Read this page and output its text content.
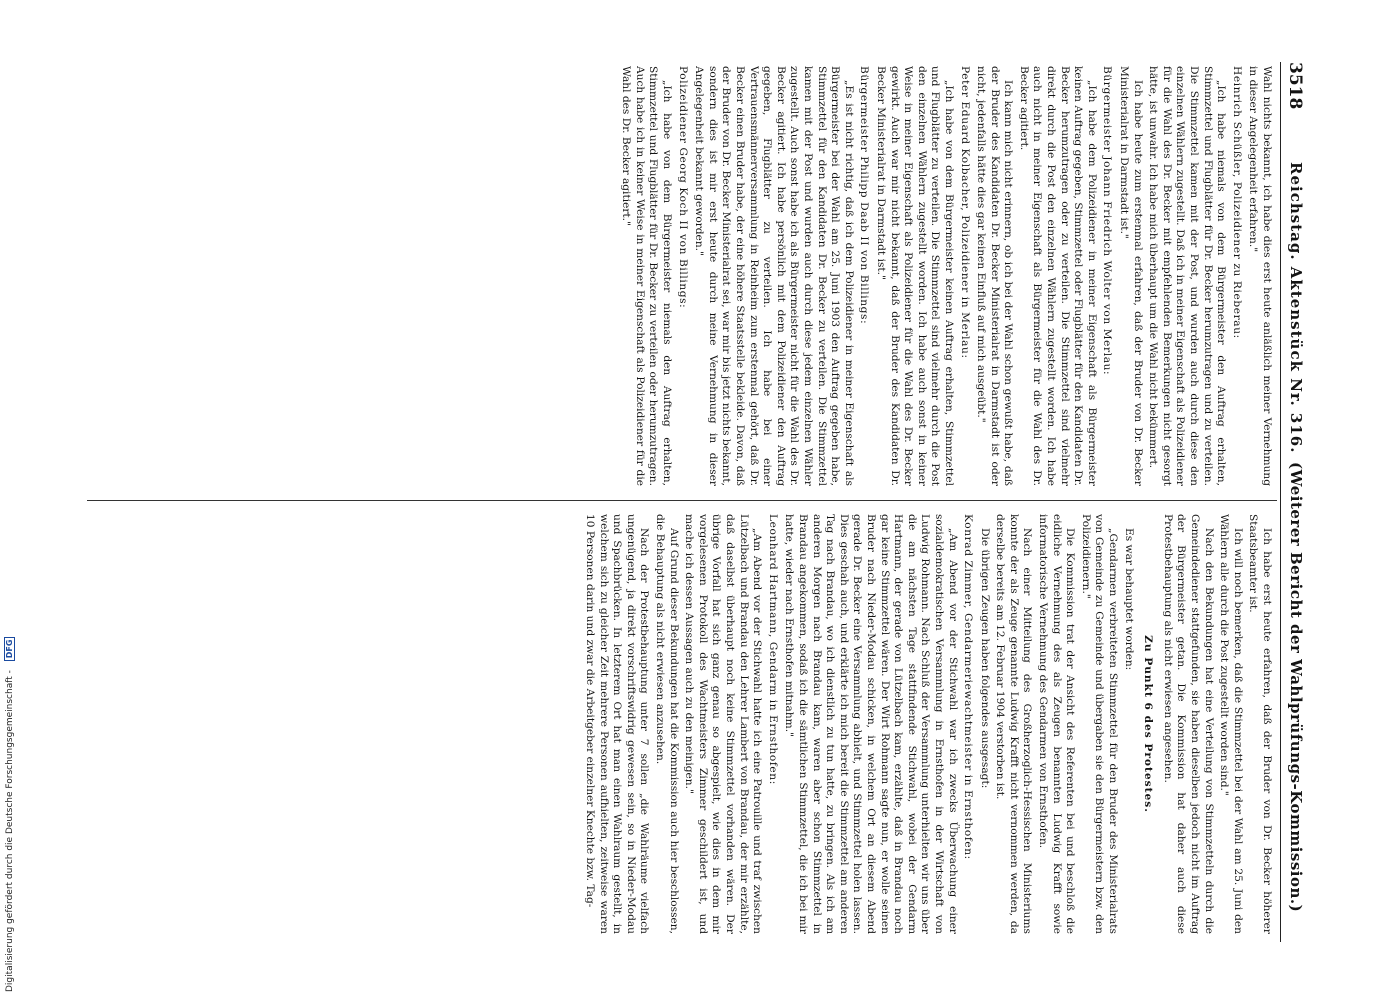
3518
Reichstag. Aktenstück Nr. 316.
(Weiterer Bericht der Wahlprüfungs-Kommission.)

Wahl nichts bekannt, ich habe dies erst heute anläßlich meiner Vernehmung in dieser Angelegenheit erfahren."

Heinrich Schüßler, Polizeidiener zu Rieberau:

„Ich habe niemals von dem Bürgermeister den Auftrag erhalten, Stimmzettel und Flugblätter für Dr. Becker herumzutragen und zu verteilen. Die Stimmzettel kamen mit der Post, und wurden auch durch diese den einzelnen Wählern zugestellt. Daß ich in meiner Eigenschaft als Polizeidiener für die Wahl des Dr. Becker mit empfehlenden Bemerkungen nicht gesorgt hätte, ist unwahr. Ich habe mich überhaupt um die Wahl nicht bekümmert.

Ich habe heute zum erstenmal erfahren, daß der Bruder von Dr. Becker Ministerialrat in Darmstadt ist."

Bürgermeister Johann Friedrich Wolter von Merlau:

„Ich habe dem Polizeidiener in meiner Eigenschaft als Bürgermeister keinen Auftrag gegeben, Stimmzettel oder Flugblätter für den Kandidaten Dr. Becker herumzutragen oder zu verteilen. Die Stimmzettel sind vielmehr direkt durch die Post den einzelnen Wählern zugestellt worden. Ich habe auch nicht in meiner Eigenschaft als Bürgermeister für die Wahl des Dr. Becker agitiert.

Ich kann mich nicht erinnern, ob ich bei der Wahl schon gewußt habe, daß der Bruder des Kandidaten Dr. Becker Ministerialrat in Darmstadt ist oder nicht, jedenfalls hätte dies gar keinen Einfluß auf mich ausgeübt."

Peter Eduard Kolbacher, Polizeidiener in Merlau:

„Ich habe von dem Bürgermeister keinen Auftrag erhalten, Stimmzettel und Flugblätter zu verteilen. Die Stimmzettel sind vielmehr durch die Post den einzelnen Wählern zugestellt worden. Ich habe auch sonst in keiner Weise in meiner Eigenschaft als Polizeidiener für die Wahl des Dr. Becker gewirkt. Auch war mir nicht bekannt, daß der Bruder des Kandidaten Dr. Becker Ministerialrat in Darmstadt ist."

Bürgermeister Philipp Daab II von Billings:

„Es ist nicht richtig, daß ich dem Polizeidiener in meiner Eigenschaft als Bürgermeister bei der Wahl am 25. Juni 1903 den Auftrag gegeben habe, Stimmzettel für den Kandidaten Dr. Becker zu verteilen. Die Stimmzettel kamen mit der Post und wurden auch durch diese jedem einzelnen Wähler zugestellt. Auch sonst habe ich als Bürgermeister nicht für die Wahl des Dr. Becker agitiert. Ich habe persönlich mit dem Polizeidiener den Auftrag gegeben, Flugblätter zu verteilen. Ich habe bei einer Vertrauensmännerversammlung in Reinheim zum erstenmal gehört, daß Dr. Becker einen Bruder habe, der eine höhere Staatsstelle bekleide. Davon, daß der Bruder von Dr. Becker Ministerialrat sei, war mir bis jetzt nichts bekannt, sondern dies ist mir erst heute durch meine Vernehmung in dieser Angelegenheit bekannt geworden."

Polizeidiener Georg Koch II von Billings:

„Ich habe von dem Bürgermeister niemals den Auftrag erhalten, Stimmzettel und Flugblätter für Dr. Becker zu verteilen oder herumzutragen. Auch habe ich in keiner Weise in meiner Eigenschaft als Polizeidiener für die Wahl des Dr. Becker agitiert."

Ich habe erst heute erfahren, daß der Bruder von Dr. Becker höherer Staatsbeamter ist.

Ich will noch bemerken, daß die Stimmzettel bei der Wahl am 25. Juni den Wählern alle durch die Post zugestellt worden sind."

Nach den Bekundungen hat eine Verteilung von Stimmzetteln durch die Gemeindediener stattgefunden, sie haben dieselben jedoch nicht im Auftrag der Bürgermeister getan. Die Kommission hat daher auch diese Protestbehauptung als nicht erwiesen angesehen.

Zu Punkt 6 des Protestes.

Es war behauptet worden:

„Gendarmen verbreiteten Stimmzettel für den Bruder des Ministerialrats von Gemeinde zu Gemeinde und übergaben sie den Bürgermeistern bzw. den Polizeidienern."

Die Kommission trat der Ansicht des Referenten bei und beschloß die eidliche Vernehmung des als Zeugen benannten Ludwig Krafft sowie informatorische Vernehmung des Gendarmen von Ernsthofen.

Nach einer Mitteilung des Großherzoglich-Hessischen Ministeriums konnte der als Zeuge genannte Ludwig Krafft nicht vernommen werden, da derselbe bereits am 12. Februar 1904 verstorben ist.

Die übrigen Zeugen haben folgendes ausgesagt:

Konrad Zimmer, Gendarmeriewachtmeister in Ernsthofen:

„Am Abend vor der Stichwahl war ich zwecks Überwachung einer sozialdemokratischen Versammlung in Ernsthofen in der Wirtschaft von Ludwig Rohmann. Nach Schluß der Versammlung unterhielten wir uns über die am nächsten Tage stattfindende Stichwahl, wobei der Gendarm Hartmann, der gerade von Lützelbach kam, erzählte, daß in Brandau noch gar keine Stimmzettel wären. Der Wirt Rohmann sagte nun, er wolle seinen Bruder nach Nieder-Modau schicken, in welchem Ort an diesem Abend gerade Dr. Becker eine Versammlung abhielt, und Stimmzettel holen lassen. Dies geschah auch, und erklärte ich mich bereit die Stimmzettel am anderen Tag nach Brandau, wo ich dienstlich zu tun hatte, zu bringen. Als ich am anderen Morgen nach Brandau kam, waren aber schon Stimmzettel in Brandau angekommen, sodaß ich die sämtlichen Stimmzettel, die ich bei mir hatte, wieder nach Ernsthofen mitnahm."

Leonhard Hartmann, Gendarm in Ernsthofen:

„Am Abend vor der Stichwahl hatte ich eine Patrouille und traf zwischen Lützelbach und Brandau den Lehrer Lambert von Brandau, der mir erzählte, daß daselbst überhaupt noch keine Stimmzettel vorhanden wären. Der übrige Vorfall hat sich ganz genau so abgespielt, wie dies in dem mir vorgelesenen Protokoll des Wachtmeisters Zimmer geschildert ist, und mache ich dessen Aussagen auch zu den meinigen."

Auf Grund dieser Bekundungen hat die Kommission auch hier beschlossen, die Behauptung als nicht erwiesen anzusehen.

Nach der Protestbehauptung unter 7 sollen „die Wahlräume vielfach ungenügend, ja direkt vorschriftswidrig gewesen sein, so in Nieder-Modau und Spachbrücken. In letzterem Ort hat man einen Wahlraum gestellt, in welchem sich zu gleicher Zeit mehrere Personen aufhielten, zeitweise waren 10 Personen darin und zwar die Arbeitgeber einzelner Knechte bzw. Tag-

Digitalisierung gefördert durch die Deutsche Forschungsgemeinschaft - DFG
